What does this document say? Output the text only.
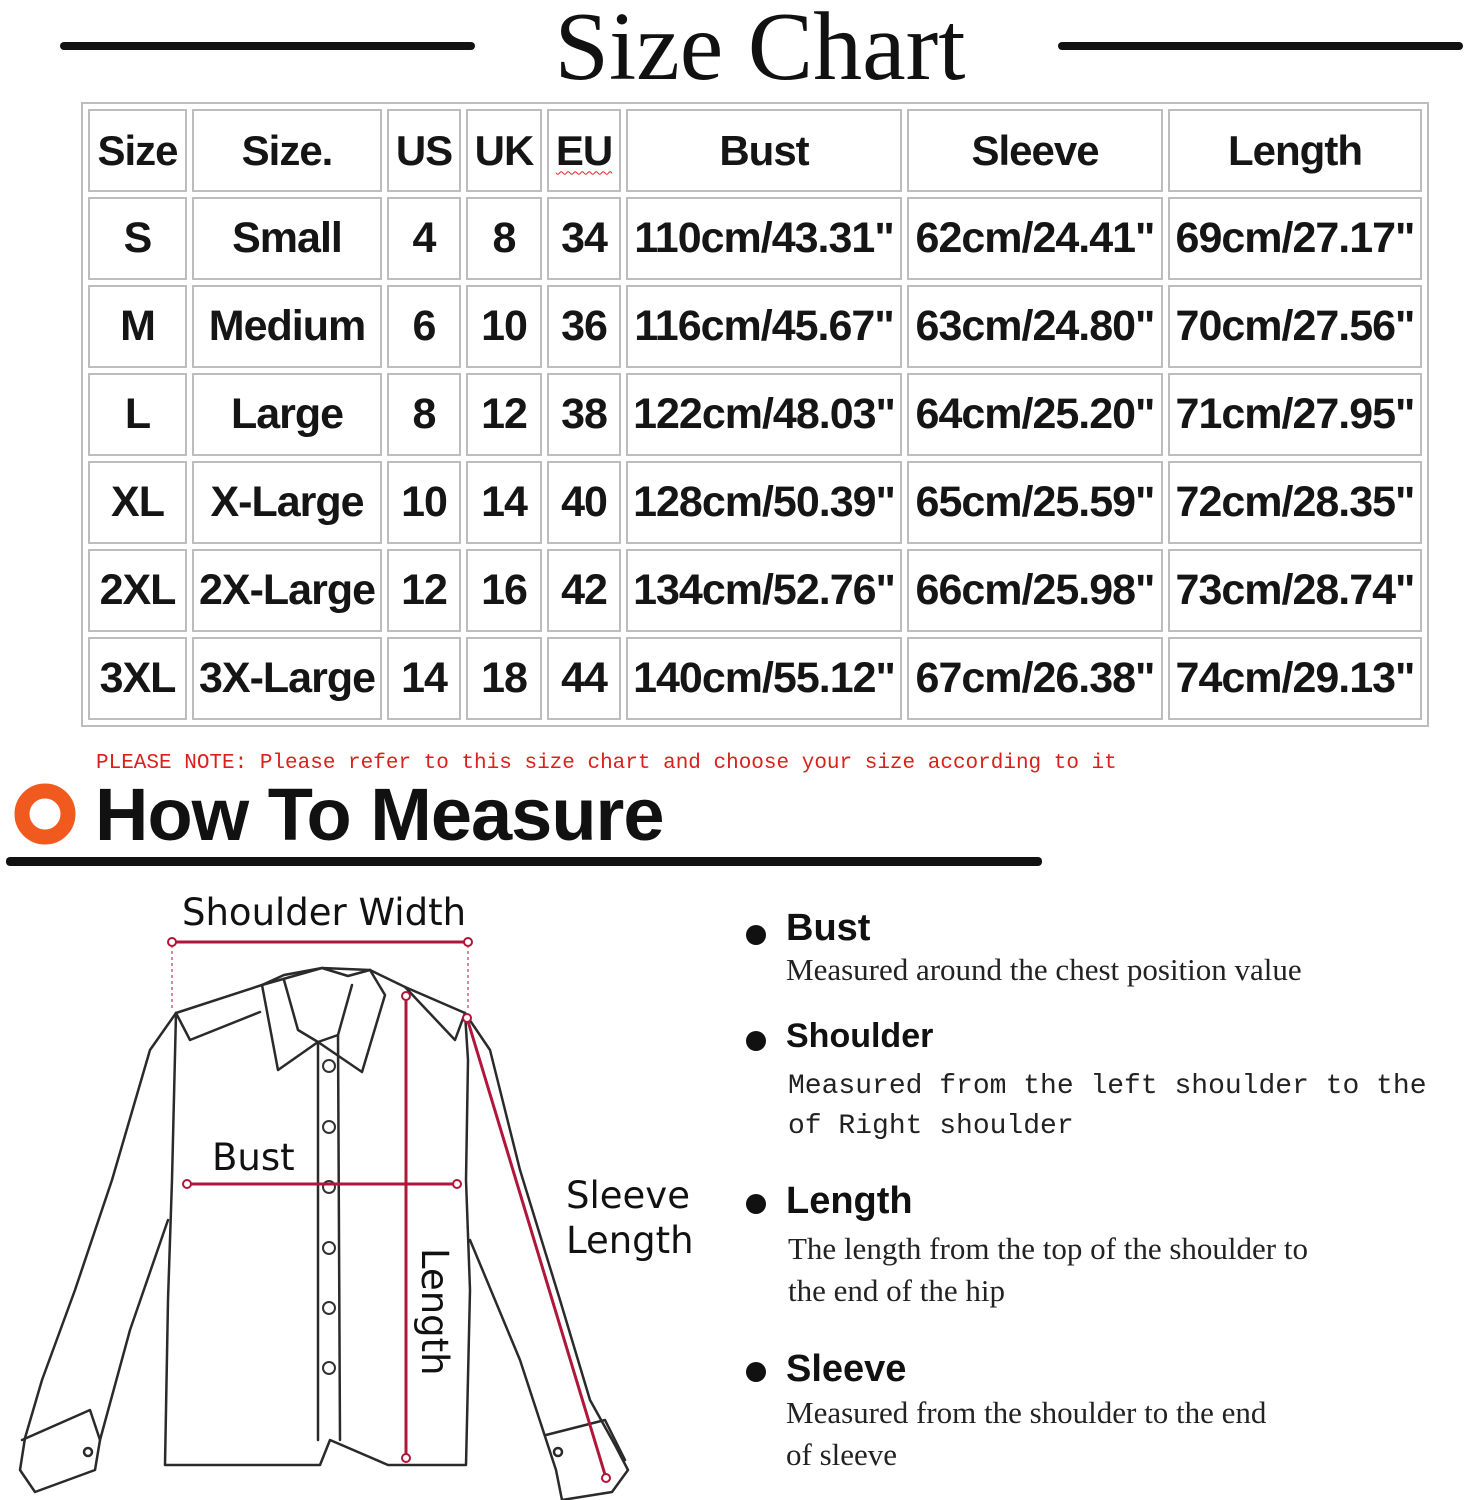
Size Chart
Size	Size.	US	UK	EU	Bust	Sleeve	Length
S	Small	4	8	34	110cm/43.31"	62cm/24.41"	69cm/27.17"
M	Medium	6	10	36	116cm/45.67"	63cm/24.80"	70cm/27.56"
L	Large	8	12	38	122cm/48.03"	64cm/25.20"	71cm/27.95"
XL	X-Large	10	14	40	128cm/50.39"	65cm/25.59"	72cm/28.35"
2XL	2X-Large	12	16	42	134cm/52.76"	66cm/25.98"	73cm/28.74"
3XL	3X-Large	14	18	44	140cm/55.12"	67cm/26.38"	74cm/29.13"
PLEASE NOTE: Please refer to this size chart and choose your size according to it
How To Measure
Shoulder Width
Bust
Length
Sleeve
Length
Bust
Measured around the chest position value
Shoulder
Measured from the left shoulder to the
of Right shoulder
Length
The length from the top of the shoulder to
the end of the hip
Sleeve
Measured from the shoulder to the end
of sleeve
